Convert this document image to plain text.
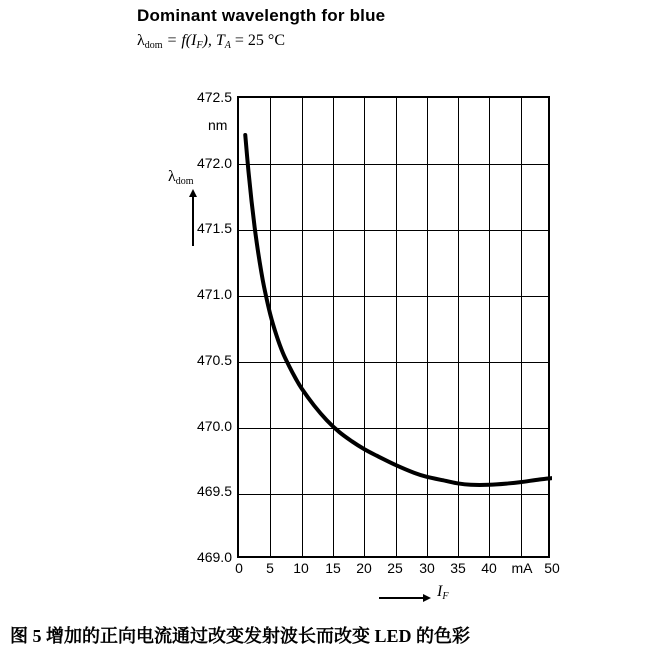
Dominant wavelength for blue
$\lambda_{dom} = f(I_F)$, $T_A = 25$ °C
nm
$\lambda_{dom}$
472.5
472.0
471.5
471.0
470.5
470.0
469.5
469.0
0 5 10 15 20 25 30 35 40 mA 50
$I_F$
图 5 增加的正向电流通过改变发射波长而改变 LED 的色彩
